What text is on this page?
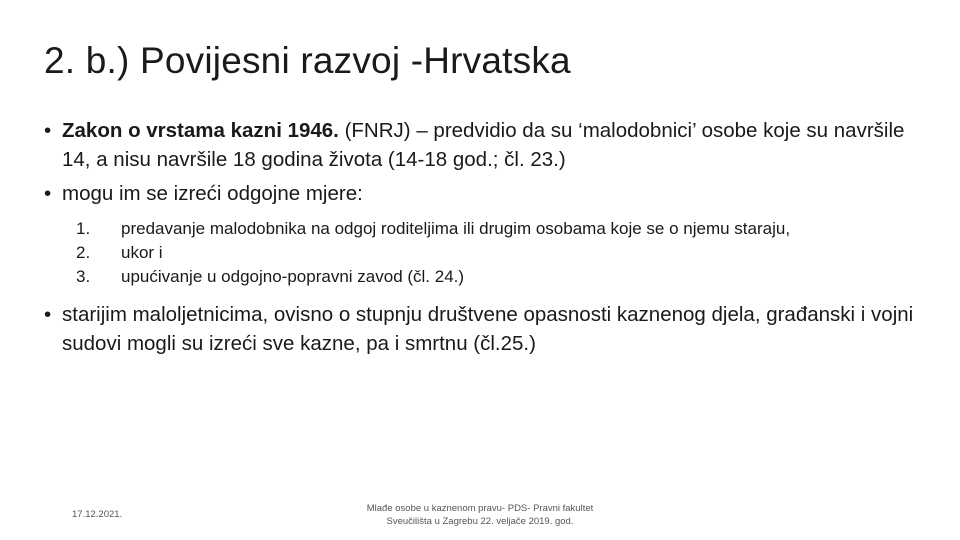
2. b.) Povijesni razvoj -Hrvatska
• Zakon o vrstama kazni 1946. (FNRJ) – predvidio da su ‘malodobnici’ osobe koje su navršile 14, a nisu navršile 18 godina života (14-18 god.; čl. 23.)
• mogu im se izreći odgojne mjere:
1. predavanje malodobnika na odgoj roditeljima ili drugim osobama koje se o njemu staraju,
2. ukor i
3. upućivanje u odgojno-popravni zavod (čl. 24.)
• starijim maloljetnicima, ovisno o stupnju društvene opasnosti kaznenog djela, građanski i vojni sudovi mogli su izreći sve kazne, pa i smrtnu (čl.25.)
17.12.2021.
Mlađe osobe u kaznenom pravu- PDS- Pravni fakultet
Sveučilišta u Zagrebu 22. veljače 2019. god.
